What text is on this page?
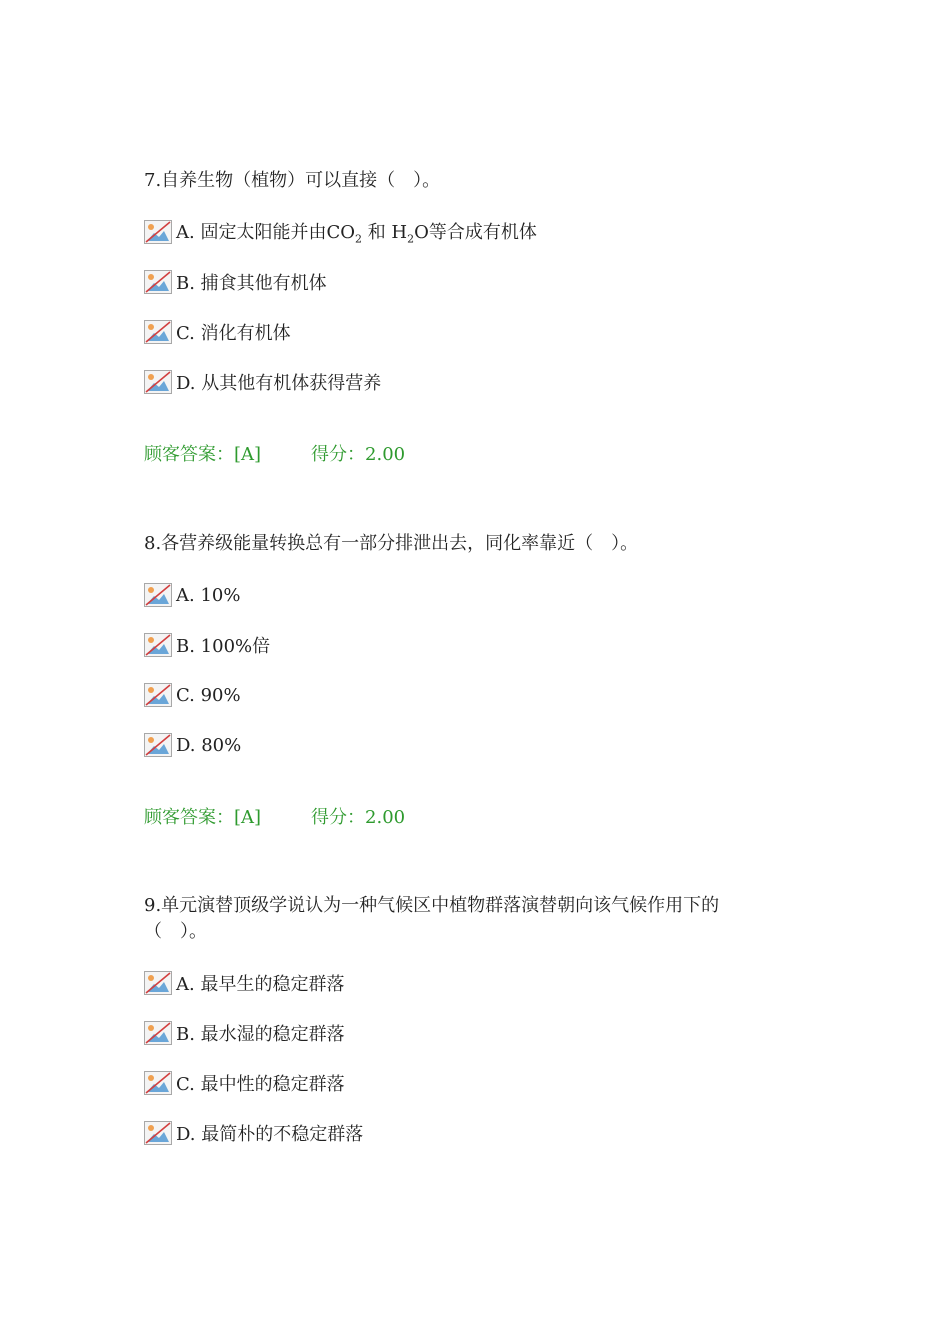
7.自养生物（植物）可以直接（　）。
A. 固定太阳能并由$CO_2$ 和 $H_2O$等合成有机体
B. 捕食其他有机体
C. 消化有机体
D. 从其他有机体获得营养
顾客答案：[A]	得分：2.00
8.各营养级能量转换总有一部分排泄出去，同化率靠近（　）。
A. 10%
B. 100%倍
C. 90%
D. 80%
顾客答案：[A]	得分：2.00
9.单元演替顶级学说认为一种气候区中植物群落演替朝向该气候作用下的
（　）。
A. 最早生的稳定群落
B. 最水湿的稳定群落
C. 最中性的稳定群落
D. 最简朴的不稳定群落
